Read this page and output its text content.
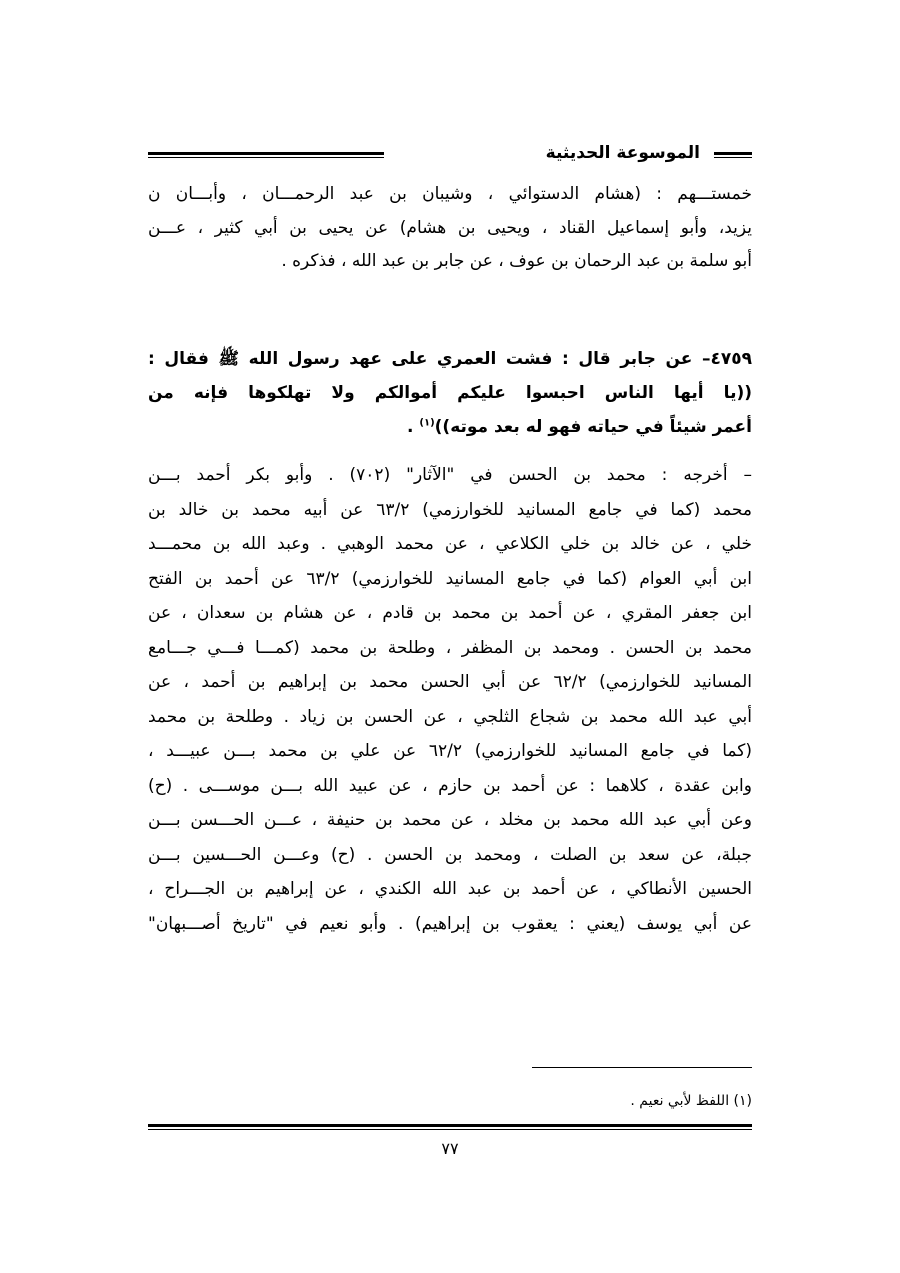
الموسوعة الحديثية
خمستـــهم : (هشام الدستوائي ، وشيبان بن عبد الرحمـــان ، وأبـــان ن
يزيد، وأبو إسماعيل القناد ، ويحيى بن هشام) عن يحيى بن أبي كثير ، عـــن
أبو سلمة بن عبد الرحمان بن عوف ، عن جابر بن عبد الله ، فذكره .
٤٧٥٩– عن جابر قال : فشت العمري على عهد رسول الله ﷺ فقال :
((يا أيها الناس احبسوا عليكم أموالكم ولا تهلكوها فإنه من
أعمر شيئاً في حياته فهو له بعد موته))$^{(١)}$ .
– أخرجه : محمد بن الحسن في "الآثار" (٧٠٢) . وأبو بكر أحمد بـــن
محمد (كما في جامع المسانيد للخوارزمي) ٦٣/٢ عن أبيه محمد بن خالد بن
خلي ، عن خالد بن خلي الكلاعي ، عن محمد الوهبي . وعبد الله بن محمـــد
ابن أبي العوام (كما في جامع المسانيد للخوارزمي) ٦٣/٢ عن أحمد بن الفتح
ابن جعفر المقري ، عن أحمد بن محمد بن قادم ، عن هشام بن سعدان ، عن
محمد بن الحسن . ومحمد بن المظفر ، وطلحة بن محمد (كمـــا فـــي جـــامع
المسانيد للخوارزمي) ٦٢/٢ عن أبي الحسن محمد بن إبراهيم بن أحمد ، عن
أبي عبد الله محمد بن شجاع الثلجي ، عن الحسن بن زياد . وطلحة بن محمد
(كما في جامع المسانيد للخوارزمي) ٦٢/٢ عن علي بن محمد بـــن عبيـــد ،
وابن عقدة ، كلاهما : عن أحمد بن حازم ، عن عبيد الله بـــن موســـى . (ح)
وعن أبي عبد الله محمد بن مخلد ، عن محمد بن حنيفة ، عـــن الحـــسن بـــن
جبلة، عن سعد بن الصلت ، ومحمد بن الحسن . (ح) وعـــن الحـــسين بـــن
الحسين الأنطاكي ، عن أحمد بن عبد الله الكندي ، عن إبراهيم بن الجـــراح ،
عن أبي يوسف (يعني : يعقوب بن إبراهيم) . وأبو نعيم في "تاريخ أصـــبهان"
(١) اللفظ لأبي نعيم .
٧٧
